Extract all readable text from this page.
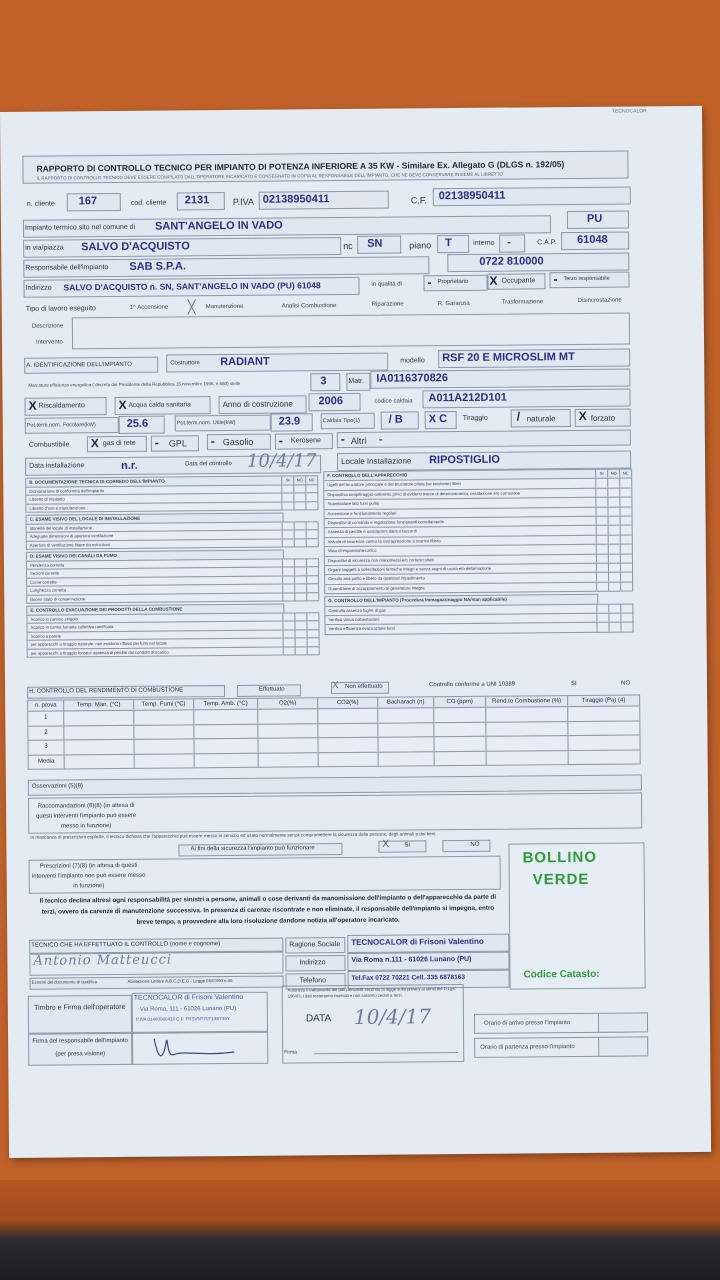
TECNOCALOR
RAPPORTO DI CONTROLLO TECNICO PER IMPIANTO DI POTENZA INFERIORE A 35 KW - Similare Ex. Allegato G (DLGS n. 192/05)
IL RAPPORTO DI CONTROLLO TECNICO DEVE ESSERE COMPILATO DALL'OPERATORE INCARICATO E CONSEGNATO IN COPIA AL RESPONSABILE DELL'IMPIANTO, CHE NE DEVE CONSERVARE INSIEME AL LIBRETTO
n. cliente 167	cod. cliente 2131	P.IVA 02138950411	C.F. 02138950411
Impianto termico sito nel comune di SANT'ANGELO IN VADO
PU
in via/piazza SALVO D'ACQUISTO	nc SN	piano T	interno -	C.A.P. 61048
Responsabile dell'impianto SAB S.P.A.	0722 810000
Indirizzo SALVO D'ACQUISTO n. SN, SANT'ANGELO IN VADO (PU) 61048	in qualità di - Proprietario X Occupante - Terzo responsabile
Tipo di lavoro eseguito	1^ Accensione ╳ Manutenzione	Analisi Combustione	Riparazione	R. Garanzia	Trasformazione	Disincrostazione
Descrizione
Intervento
A. IDENTIFICAZIONE DELL'IMPIANTO	Costruttore RADIANT	modello RSF 20 E MICROSLIM MT
Marcatura efficienza energetica ( decreto del Presidente della Repubblica 15 novembre 1996, n.660) stelle	3	Matr. IA0116370826
X Riscaldamento	X Acqua calda sanitaria	Anno di costruzione 2006	codice caldaia A011A212D101
Pot.term.nom. Focolare(kW)	25.6	Pot.term.nom. Utile(kW)	23.9	Caldaia Tipo(1)	/ B X C Tiraggio / naturale X forzato
Combustibile X gas di rete - GPL - Gasolio - Kerosene - Altri -
Data installazione	n.r.	Data del controllo 10/4/17	Locale Installazione RIPOSTIGLIO
B. DOCUMENTAZIONE TECNICA DI CORREDO DELL'IMPIANTO	SI	NO	NC
Dichiarazione di conformità dell'impianto
Libretto di impianto
Libretto d'uso e manutenzione
C. ESAME VISIVO DEL LOCALE DI INSTALLAZIONE
Idoneità del locale di installazione
Adeguate dimensioni di apertura ventilazione
Aperture di ventilazione libere da ostruzioni
D. ESAME VISIVO DEI CANALI DA FUMO
Pendenza corretta
Sezioni corrette
Curve corrette
Lunghezza corretta
Buono stato di conservazione
E. CONTROLLO EVACUAZIONE DEI PRODOTTI DELLA COMBUSTIONE
Scarico in camino singolo
Scarico in canna fumaria collettiva ramificata
Scarico a parete
per apparecchi a tiraggio naturale: non esistono riflussi dei fumi nel locale
per apparecchi a tiraggio forzato: assenza di perdite dai condotti di scarico
F. CONTROLLO DELL'APPARECCHIO	SI	NO	NC
Ugelli del bruciatore principale e del bruciatore pilota (se esistente) liberi
Dispositivo rompitiraggio-antivento privo di evidenti tracce di deterioramento, ossidazione e/o corrosione
Scambiatore lato fumi pulito
Accensione e funzionamento regolari
Dispositivi di comando e regolazione funzionanti correttamente
Assenza di perdite e ossidazioni dai/sui raccordi
Valvola di sicurezza contro la sovrapressione a scarico libero
Vaso di espansione carico
Dispositivi di sicurezza non manomessi e/o cortocircuitati
Organi soggetti a sollecitazioni termiche integri e senza segni di usura e/o deformazione
Circuito aria pulito e libero da qualsiasi impedimento
Guarnizione di accoppiamento al generatore integra
G. CONTROLLO DELL'IMPIANTO (Procedura Immagazzinaggio NA/man applicabile)
Controllo assenza fughe di gas
Verifica visiva coibentazioni
Verifica efficienza evacuazione fumi
H. CONTROLLO DEL RENDIMENTO DI COMBUSTIONE	Effettuato	X Non effettuato	Controllo conforme a UNI 10389	SI	NO
n. prova	Temp. Man. (°C)	Temp. Fumi (°C)	Temp. Amb. (°C)	O2(%)	CO2(%)	Bacharach (n)	CO (ppm)	Rend.to Combustione (%)	Tiraggio (Pa) (4)
1
2
3
Media
Osservazioni (5)(8)
Raccomandazioni (6)(8) (in attesa di questi interventi l'impianto può essere messo in funzione)
In mancanza di prescrizioni esplicite, il tecnico dichiara che l'apparecchio può essere messo in servizio ed usato normalmente senza compromettere la sicurezza delle persone, degli animali e dei beni.
Ai fini della sicurezza l'impianto può funzionare	X	SI	NO
Prescrizioni (7)(8) (in attesa di questi interventi l'impianto non può essere messo in funzione)
Il tecnico declina altresì ogni responsabilità per sinistri a persone, animali o cose derivanti da manomissione dell'impianto o dell'apparecchio da parte di terzi, ovvero da carenze di manutenzione successiva. In presenza di carenze riscontrate e non eliminate, il responsabile dell'impianto si impegna, entro breve tempo, a provvedere alla loro risoluzione dandone notizia all'operatore incaricato.
BOLLINO
VERDE
Codice Catasto:
TECNICO CHE HA EFFETTUATO IL CONTROLLO (nome e cognome)
Antonio Matteucci
Estremi del documento di qualifica	Abilitazione Lettere A,B,C,D,E,G - Legge 05/03/90 n.46
Ragione Sociale TECNOCALOR di Frisoni Valentino
Indirizzo	Via Roma n.111 - 61026 Lunano (PU)
Telefono	Tel.Fax 0722 70221 Cell. 335 6878163
Timbro e Firma dell'operatore
TECNOCALOR di Frisoni Valentino
Via Roma, 111 - 61026 Lunano (PU)
P.IVA 01480080418 C.F. FRSVNT70T13E736Y
Firma del responsabile dell'impianto (per presa visione)
Autorizzo il trattamento dei dati personali secondo la legge sulla privacy ai sensi del D.Lgs. 196/03, i dati resteranno riservati e non saranno ceduti a terzi.
DATA 10/4/17
Firma
Orario di arrivo presso l'impianto
Orario di partenza presso l'impianto
